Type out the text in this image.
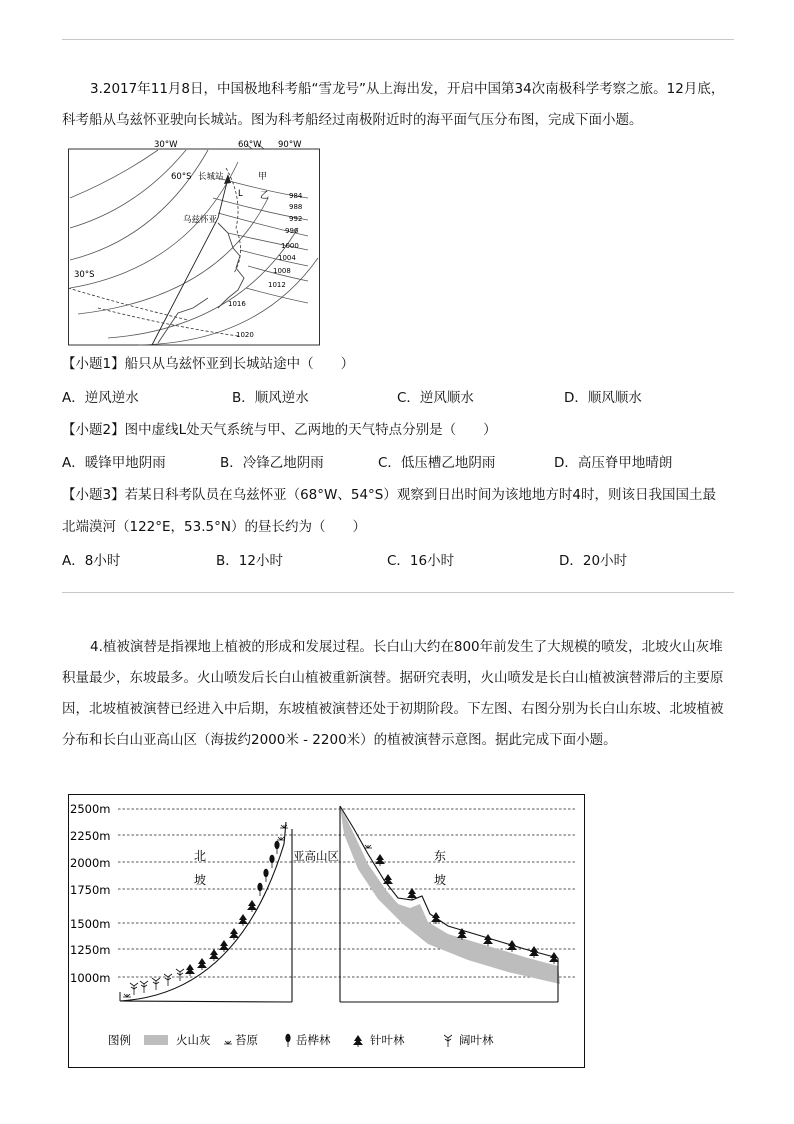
3.2017年11月8日，中国极地科考船“雪龙号”从上海出发，开启中国第34次南极科学考察之旅。12月底，科考船从乌兹怀亚驶向长城站。图为科考船经过南极附近时的海平面气压分布图，完成下面小题。

30°W	60°W 90°W
60°S 长城站	甲
乙
L
乌兹怀亚
30°S
984
988
992
996
1000
1004
1008
1012
1016
1020
【小题1】船只从乌兹怀亚到长城站途中（　　）
A．逆风逆水	B．顺风逆水	C．逆风顺水	D．顺风顺水
【小题2】图中虚线L处天气系统与甲、乙两地的天气特点分别是（　　）
A．暖锋甲地阴雨	B．冷锋乙地阴雨	C．低压槽乙地阴雨	D．高压脊甲地晴朗
【小题3】若某日科考队员在乌兹怀亚（68°W、54°S）观察到日出时间为该地地方时4时，则该日我国国土最
北端漠河（122°E，53.5°N）的昼长约为（　　）
A．8小时	B．12小时	C．16小时	D．20小时

4.植被演替是指裸地上植被的形成和发展过程。长白山大约在800年前发生了大规模的喷发，北坡火山灰堆积量最少，东坡最多。火山喷发后长白山植被重新演替。据研究表明，火山喷发是长白山植被演替滞后的主要原因，北坡植被演替已经进入中后期，东坡植被演替还处于初期阶段。下左图、右图分别为长白山东坡、北坡植被分布和长白山亚高山区（海拔约2000米 - 2200米）的植被演替示意图。据此完成下面小题。

2500m
2250m
2000m
1750m
1500m
1250m
1000m
北
坡
亚高山区	东
坡
图例	火山灰 苔原	岳桦林	针叶林	阔叶林
